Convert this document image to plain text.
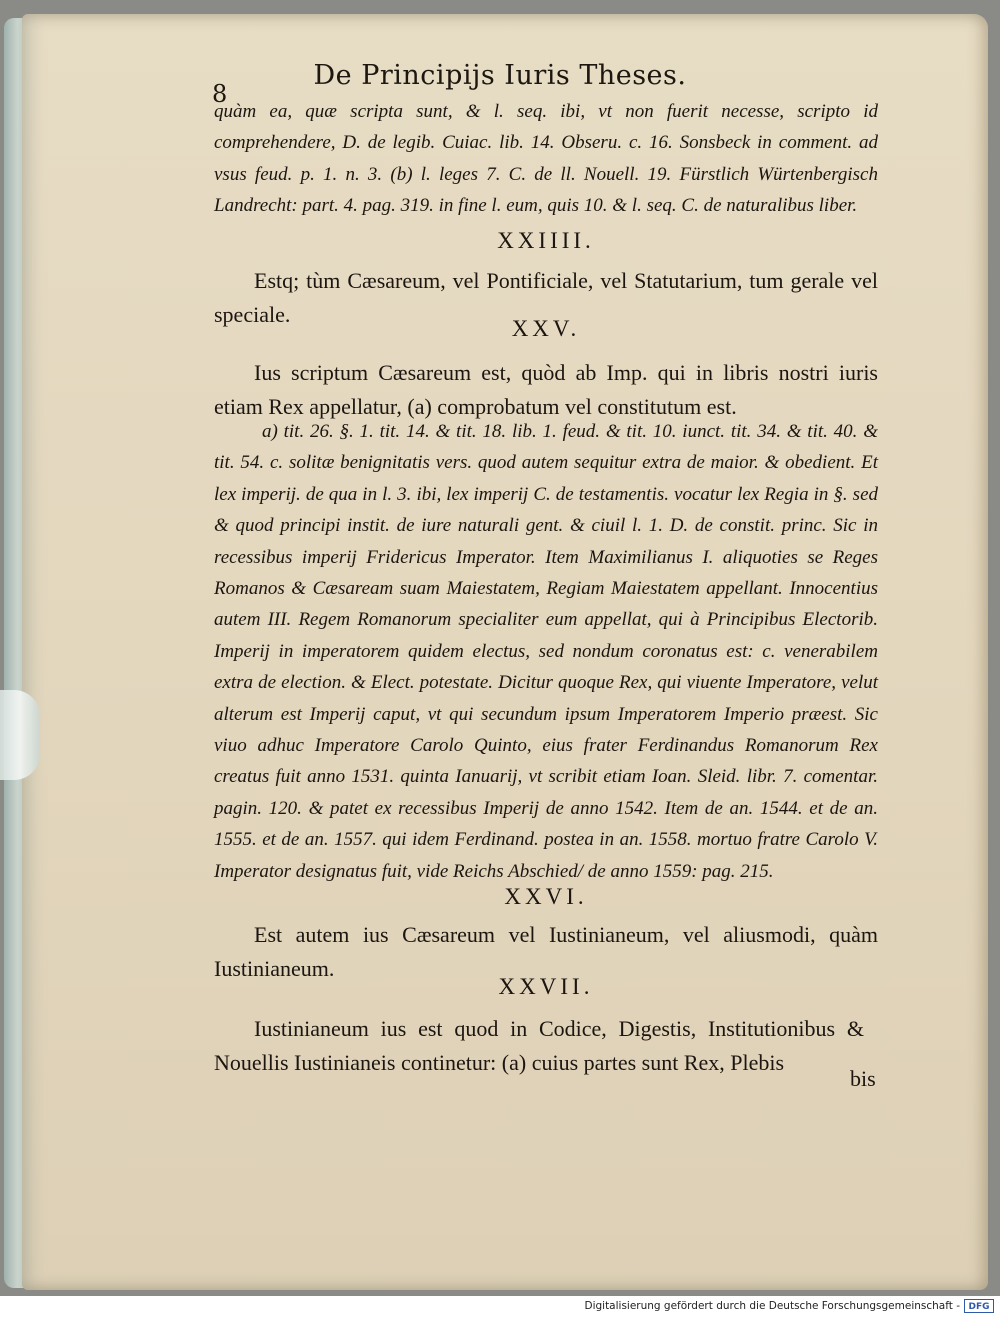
De Principijs Iuris Theses.
8
quàm ea, quæ scripta sunt, & l. seq. ibi, vt non fuerit necesse, scripto id comprehendere, D. de legib. Cuiac. lib. 14. Obseru. c. 16. Sonsbeck in comment. ad vsus feud. p. 1. n. 3. (b) l. leges 7. C. de ll. Nouell. 19. Fürstlich Würtenbergisch Landrecht: part. 4. pag. 319. in fine l. eum, quis 10. & l. seq. C. de naturalibus liber.
XXIIII.
Estq; tùm Cæsareum, vel Pontificiale, vel Statutarium, tum gerale vel speciale.
XXV.
Ius scriptum Cæsareum est, quòd ab Imp. qui in libris nostri iuris etiam Rex appellatur, (a) comprobatum vel constitutum est.
a) tit. 26. §. 1. tit. 14. & tit. 18. lib. 1. feud. & tit. 10. iunct. tit. 34. & tit. 40. & tit. 54. c. solitæ benignitatis vers. quod autem sequitur extra de maior. & obedient. Et lex imperij. de qua in l. 3. ibi, lex imperij C. de testamentis. vocatur lex Regia in §. sed & quod principi instit. de iure naturali gent. & ciuil l. 1. D. de constit. princ. Sic in recessibus imperij Fridericus Imperator. Item Maximilianus I. aliquoties se Reges Romanos & Cæsaream suam Maiestatem, Regiam Maiestatem appellant. Innocentius autem III. Regem Romanorum specialiter eum appellat, qui à Principibus Electorib. Imperij in imperatorem quidem electus, sed nondum coronatus est: c. venerabilem extra de election. & Elect. potestate. Dicitur quoque Rex, qui viuente Imperatore, velut alterum est Imperij caput, vt qui secundum ipsum Imperatorem Imperio præest. Sic viuo adhuc Imperatore Carolo Quinto, eius frater Ferdinandus Romanorum Rex creatus fuit anno 1531. quinta Ianuarij, vt scribit etiam Ioan. Sleid. libr. 7. comentar. pagin. 120. & patet ex recessibus Imperij de anno 1542. Item de an. 1544. et de an. 1555. et de an. 1557. qui idem Ferdinand. postea in an. 1558. mortuo fratre Carolo V. Imperator designatus fuit, vide Reichs Abschied/ de anno 1559: pag. 215.
XXVI.
Est autem ius Cæsareum vel Iustinianeum, vel aliusmodi, quàm Iustinianeum.
XXVII.
Iustinianeum ius est quod in Codice, Digestis, Institutionibus & Nouellis Iustinianeis continetur: (a) cuius partes sunt Rex, Plebis
bis
Digitalisierung gefördert durch die Deutsche Forschungsgemeinschaft - DFG
